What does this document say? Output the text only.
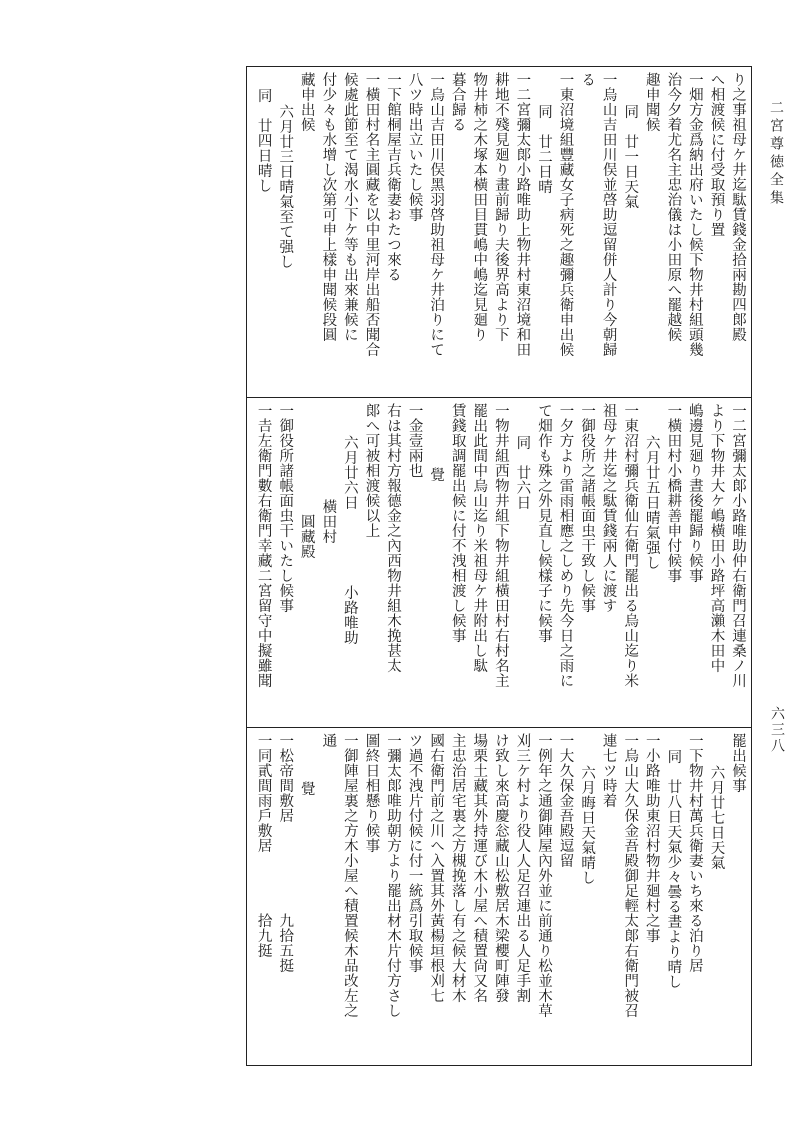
二宮尊徳全集
六三八
り之事祖母ケ井迄駄賃錢金拾兩勘四郞殿
へ相渡候に付受取預り置
一畑方金爲納出府いたし候下物井村組頭幾
治今夕着尤名主忠治儀は小田原へ罷越候
趣申聞候
同　廿一日天氣
一烏山吉田川俣並啓助逗留併人計り今朝歸
る
一東沼境組豐藏女子病死之趣彌兵衛申出候
同　廿二日晴
一二宮彌太郞小路唯助上物井村東沼境和田
耕地不殘見廻り畫前歸り夫後界高より下
物井柿之木塚本橫田目貫嶋中嶋迄見廻り
暮合歸る
一烏山吉田川俣黑羽啓助祖母ケ井泊りにて
八ツ時出立いたし候事
一下館桐屋吉兵衛妻おたつ來る
一橫田村名主圓藏を以中里河岸出船否聞合
候處此節至て渴水小下ケ等も出來兼候に
付少々も水增し次第可申上樣申聞候段圓
藏申出候
六月廿三日晴氣至て强し
同　廿四日晴し
一二宮彌太郞小路唯助仲右衛門召連桑ノ川
より下物井大ケ嶋橫田小路坪高瀨木田中
嶋邊見廻り晝後罷歸り候事
一橫田村小橋耕善申付候事
六月廿五日晴氣强し
一東沼村彌兵衛仙右衛門罷出る烏山迄り米
祖母ケ井迄之駄賃錢兩人に渡す
一御役所之諸帳面虫干致し候事
一夕方より雷雨相應之しめり先今日之雨に
て畑作も殊之外見直し候樣子に候事
同　廿六日
一物井組西物井組下物井組橫田村右村名主
罷出此間中烏山迄り米祖母ケ井附出し駄
賃錢取調罷出候に付不洩相渡し候事
覺
一金壹兩也
右は其村方報德金之內西物井組木挽甚太
郞へ可被相渡候以上
六月廿六日　　　　　小路唯助
橫田村
　圓藏殿
一御役所諸帳面虫干いたし候事
一𠮷左衛門數右衛門幸藏二宮留守中擬雖聞
罷出候事
六月廿七日天氣
一下物井村萬兵衛妻いち來る泊り居
同　廿八日天氣少々曇る晝より晴し
一小路唯助東沼村物井廻村之事
一烏山大久保金吾殿御足輕太郞右衛門被召
連七ツ時着
六月晦日天氣晴し
一大久保金吾殿逗留
一例年之通御陣屋內外並に前通り松並木草
刈三ケ村より役人人足召連出る人足手割
け致し來高慶忩藏山松敷居木梁櫻町陣發
場栗土藏其外持運び木小屋へ積置尙又名
主忠治居宅裏之方槻挽落し有之候大材木
國右衛門前之川へ入置其外黃楊垣根刈七
ツ過不洩片付候に付一統爲引取候事
一彌太郞唯助朝方より罷出材木片付方さし
圖終日相懸り候事
一御陣屋裏之方木小屋へ積置候木品改左之
通
覺
一松帝間敷居　　　　　　九拾五挺
一同貳間雨戶敷居　　　　拾九挺
